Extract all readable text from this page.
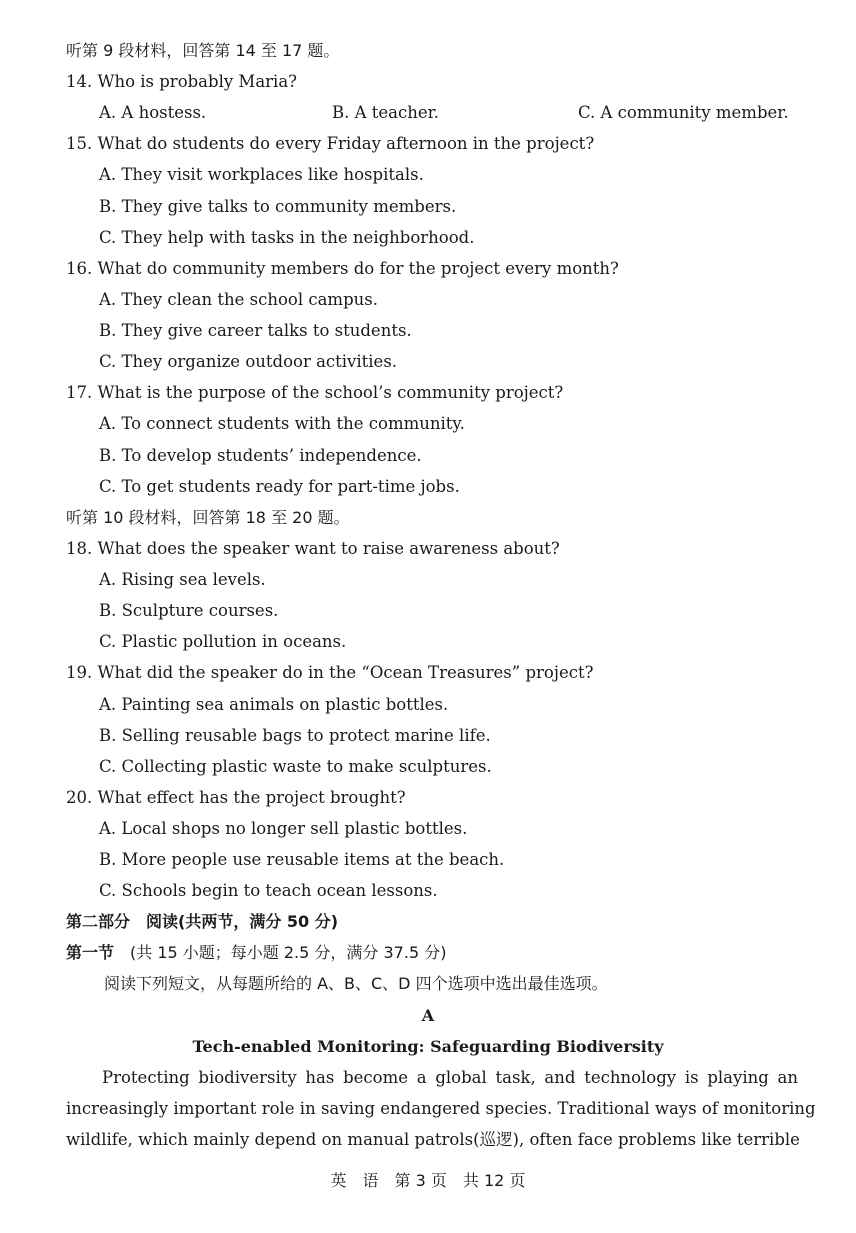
听第 9 段材料，回答第 14 至 17 题。
14. Who is probably Maria?
A. A hostess.	B. A teacher.	C. A community member.
15. What do students do every Friday afternoon in the project?
A. They visit workplaces like hospitals.
B. They give talks to community members.
C. They help with tasks in the neighborhood.
16. What do community members do for the project every month?
A. They clean the school campus.
B. They give career talks to students.
C. They organize outdoor activities.
17. What is the purpose of the school’s community project?
A. To connect students with the community.
B. To develop students’ independence.
C. To get students ready for part-time jobs.
听第 10 段材料，回答第 18 至 20 题。
18. What does the speaker want to raise awareness about?
A. Rising sea levels.
B. Sculpture courses.
C. Plastic pollution in oceans.
19. What did the speaker do in the “Ocean Treasures” project?
A. Painting sea animals on plastic bottles.
B. Selling reusable bags to protect marine life.
C. Collecting plastic waste to make sculptures.
20. What effect has the project brought?
A. Local shops no longer sell plastic bottles.
B. More people use reusable items at the beach.
C. Schools begin to teach ocean lessons.
第二部分　阅读(共两节，满分 50 分)
第一节　(共 15 小题；每小题 2.5 分，满分 37.5 分)
阅读下列短文，从每题所给的 A、B、C、D 四个选项中选出最佳选项。
A
Tech-enabled Monitoring: Safeguarding Biodiversity
Protecting biodiversity has become a global task, and technology is playing an
increasingly important role in saving endangered species. Traditional ways of monitoring
wildlife, which mainly depend on manual patrols(巡逻), often face problems like terrible
英　语　第 3 页　共 12 页
